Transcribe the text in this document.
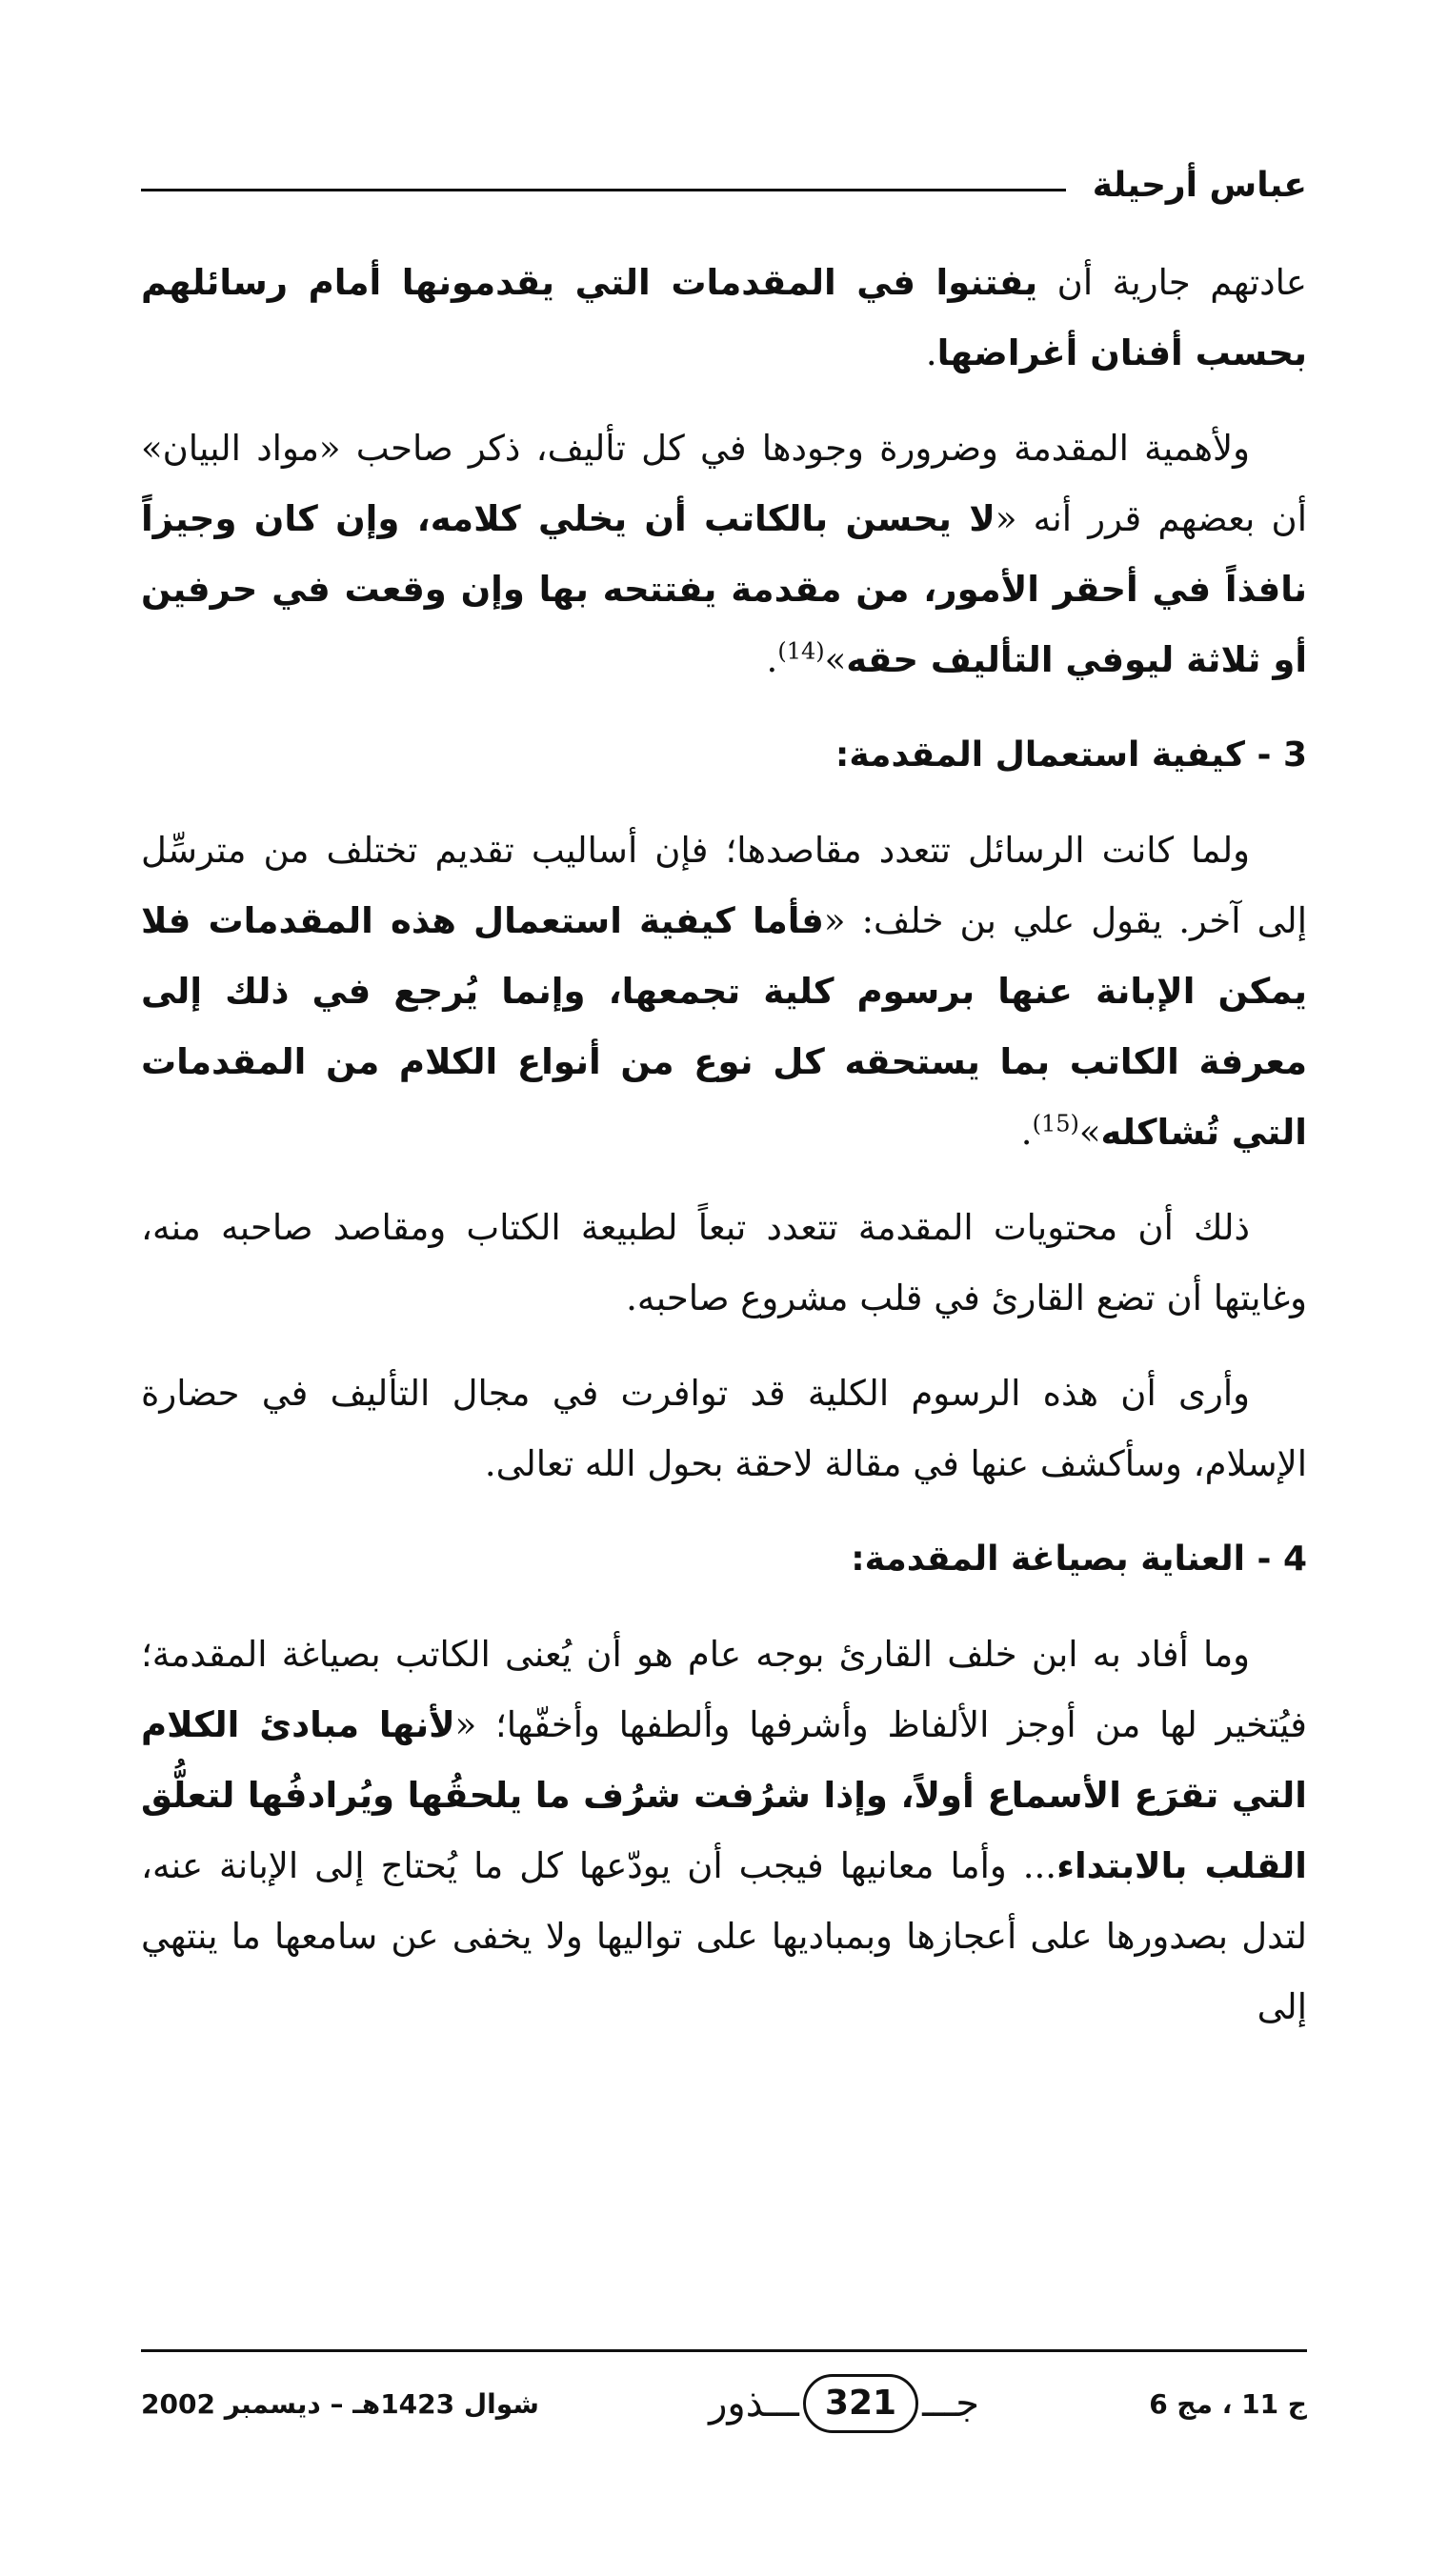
عباس أرحيلة

عادتهم جارية أن يفتنوا في المقدمات التي يقدمونها أمام رسائلهم بحسب أفنان أغراضها.

ولأهمية المقدمة وضرورة وجودها في كل تأليف، ذكر صاحب «مواد البيان» أن بعضهم قرر أنه «لا يحسن بالكاتب أن يخلي كلامه، وإن كان وجيزاً نافذاً في أحقر الأمور، من مقدمة يفتتحه بها وإن وقعت في حرفين أو ثلاثة ليوفي التأليف حقه»$^{(14)}$.

3 - كيفية استعمال المقدمة:

ولما كانت الرسائل تتعدد مقاصدها؛ فإن أساليب تقديم تختلف من مترسِّل إلى آخر. يقول علي بن خلف: «فأما كيفية استعمال هذه المقدمات فلا يمكن الإبانة عنها برسوم كلية تجمعها، وإنما يُرجع في ذلك إلى معرفة الكاتب بما يستحقه كل نوع من أنواع الكلام من المقدمات التي تُشاكله»$^{(15)}$.

ذلك أن محتويات المقدمة تتعدد تبعاً لطبيعة الكتاب ومقاصد صاحبه منه، وغايتها أن تضع القارئ في قلب مشروع صاحبه.

وأرى أن هذه الرسوم الكلية قد توافرت في مجال التأليف في حضارة الإسلام، وسأكشف عنها في مقالة لاحقة بحول الله تعالى.

4 - العناية بصياغة المقدمة:

وما أفاد به ابن خلف القارئ بوجه عام هو أن يُعنى الكاتب بصياغة المقدمة؛ فيُتخير لها من أوجز الألفاظ وأشرفها وألطفها وأخفّها؛ «لأنها مبادئ الكلام التي تقرَع الأسماع أولاً، وإذا شرُفت شرُف ما يلحقُها ويُرادفُها لتعلُّق القلب بالابتداء... وأما معانيها فيجب أن يودّعها كل ما يُحتاج إلى الإبانة عنه، لتدل بصدورها على أعجازها وبمباديها على تواليها ولا يخفى عن سامعها ما ينتهي إلى

ج 11 ، مج 6
جـــ
321
ـــذور
شوال 1423هـ – ديسمبر 2002
